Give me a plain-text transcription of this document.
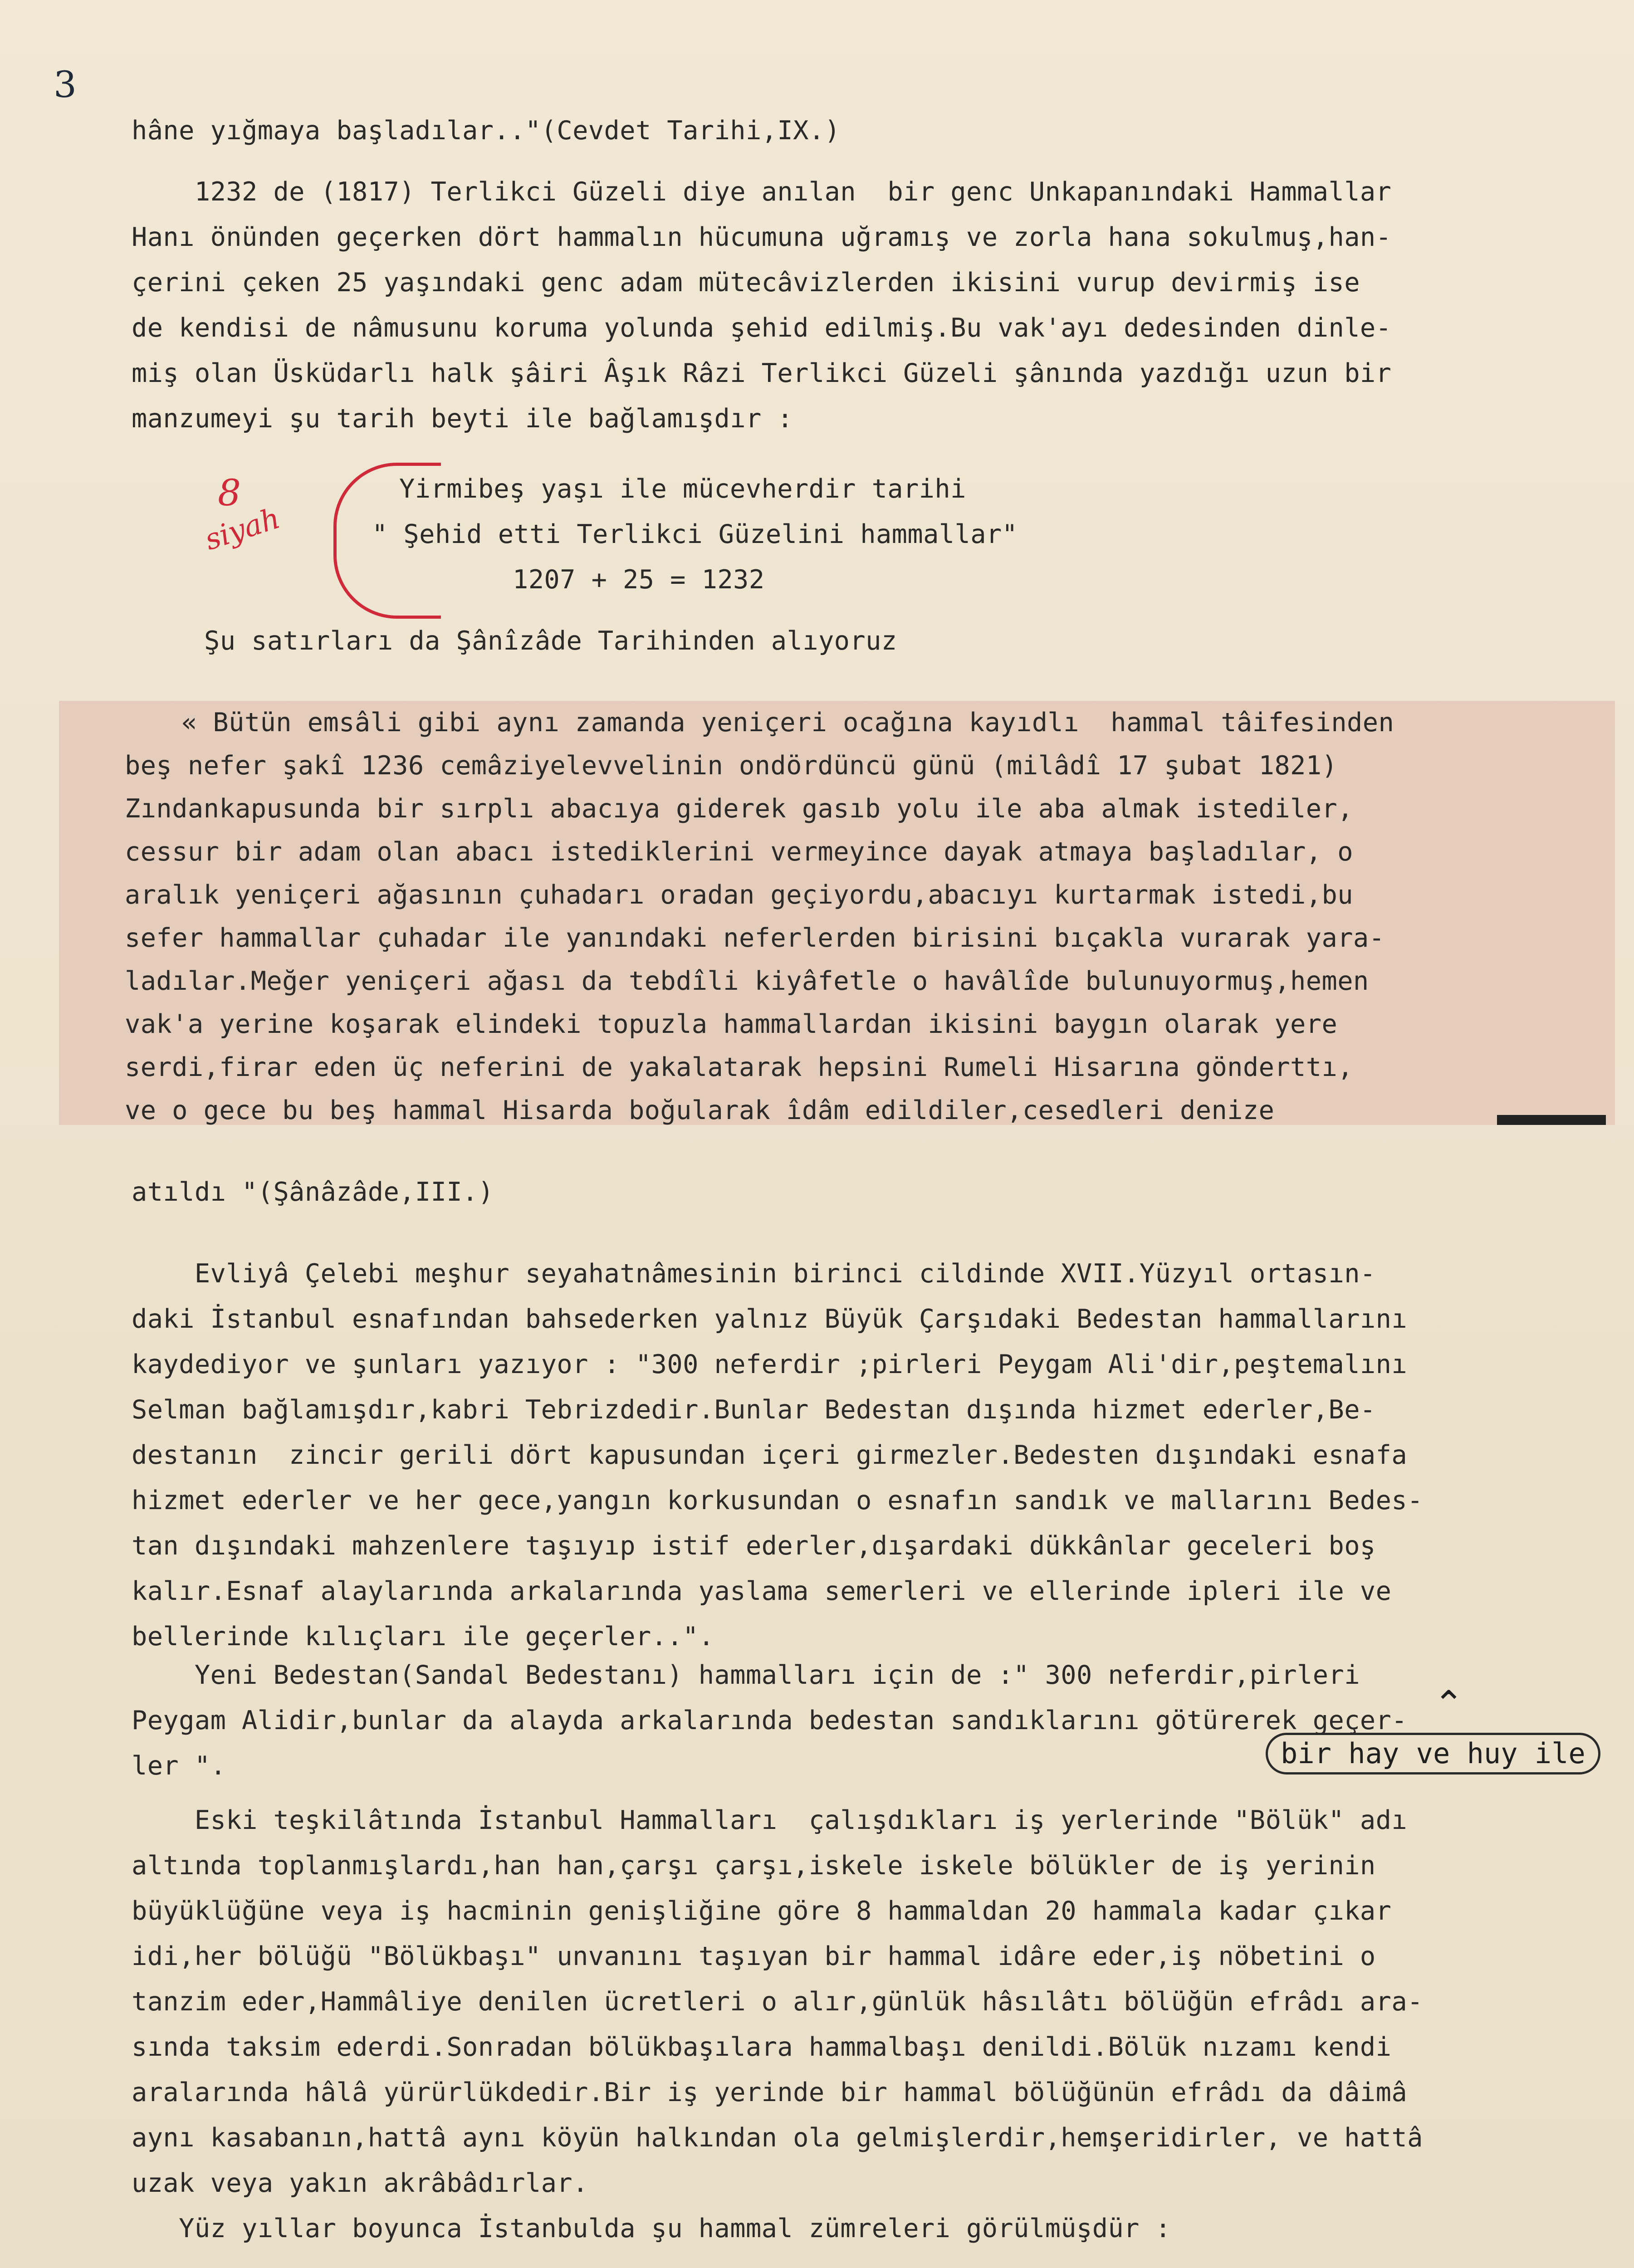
3
hâne yığmaya başladılar.."(Cevdet Tarihi,IX.)
1232 de (1817) Terlikci Güzeli diye anılan  bir genc Unkapanındaki Hammallar
Hanı önünden geçerken dört hammalın hücumuna uğramış ve zorla hana sokulmuş,han-
çerini çeken 25 yaşındaki genc adam mütecâvizlerden ikisini vurup devirmiş ise
de kendisi de nâmusunu koruma yolunda şehid edilmiş.Bu vak'ayı dedesinden dinle-
miş olan Üsküdarlı halk şâiri Âşık Râzi Terlikci Güzeli şânında yazdığı uzun bir
manzumeyi şu tarih beyti ile bağlamışdır :
8
siyah
Yirmibeş yaşı ile mücevherdir tarihi
" Şehid etti Terlikci Güzelini hammallar"
1207 + 25 = 1232
Şu satırları da Şânîzâde Tarihinden alıyoruz
« Bütün emsâli gibi aynı zamanda yeniçeri ocağına kayıdlı  hammal tâifesinden
beş nefer şakî 1236 cemâziyelevvelinin ondördüncü günü (milâdî 17 şubat 1821)
Zındankapusunda bir sırplı abacıya giderek gasıb yolu ile aba almak istediler,
cessur bir adam olan abacı istediklerini vermeyince dayak atmaya başladılar, o
aralık yeniçeri ağasının çuhadarı oradan geçiyordu,abacıyı kurtarmak istedi,bu
sefer hammallar çuhadar ile yanındaki neferlerden birisini bıçakla vurarak yara-
ladılar.Meğer yeniçeri ağası da tebdîli kiyâfetle o havâlîde bulunuyormuş,hemen
vak'a yerine koşarak elindeki topuzla hammallardan ikisini baygın olarak yere
serdi,firar eden üç neferini de yakalatarak hepsini Rumeli Hisarına gönderttı,
ve o gece bu beş hammal Hisarda boğularak îdâm edildiler,cesedleri denize
atıldı "(Şânâzâde,III.)
Evliyâ Çelebi meşhur seyahatnâmesinin birinci cildinde XVII.Yüzyıl ortasın-
daki İstanbul esnafından bahsederken yalnız Büyük Çarşıdaki Bedestan hammallarını
kaydediyor ve şunları yazıyor : "300 neferdir ;pirleri Peygam Ali'dir,peştemalını
Selman bağlamışdır,kabri Tebrizdedir.Bunlar Bedestan dışında hizmet ederler,Be-
destanın  zincir gerili dört kapusundan içeri girmezler.Bedesten dışındaki esnafa
hizmet ederler ve her gece,yangın korkusundan o esnafın sandık ve mallarını Bedes-
tan dışındaki mahzenlere taşıyıp istif ederler,dışardaki dükkânlar geceleri boş
kalır.Esnaf alaylarında arkalarında yaslama semerleri ve ellerinde ipleri ile ve
bellerinde kılıçları ile geçerler..".
Yeni Bedestan(Sandal Bedestanı) hammalları için de :" 300 neferdir,pirleri
Peygam Alidir,bunlar da alayda arkalarında bedestan sandıklarını götürerek geçer-
ler ".
⌃
bir hay ve huy ile
Eski teşkilâtında İstanbul Hammalları  çalışdıkları iş yerlerinde "Bölük" adı
altında toplanmışlardı,han han,çarşı çarşı,iskele iskele bölükler de iş yerinin
büyüklüğüne veya iş hacminin genişliğine göre 8 hammaldan 20 hammala kadar çıkar
idi,her bölüğü "Bölükbaşı" unvanını taşıyan bir hammal idâre eder,iş nöbetini o
tanzim eder,Hammâliye denilen ücretleri o alır,günlük hâsılâtı bölüğün efrâdı ara-
sında taksim ederdi.Sonradan bölükbaşılara hammalbaşı denildi.Bölük nızamı kendi
aralarında hâlâ yürürlükdedir.Bir iş yerinde bir hammal bölüğünün efrâdı da dâimâ
aynı kasabanın,hattâ aynı köyün halkından ola gelmişlerdir,hemşeridirler, ve hattâ
uzak veya yakın akrâbâdırlar.
Yüz yıllar boyunca İstanbulda şu hammal zümreleri görülmüşdür :
